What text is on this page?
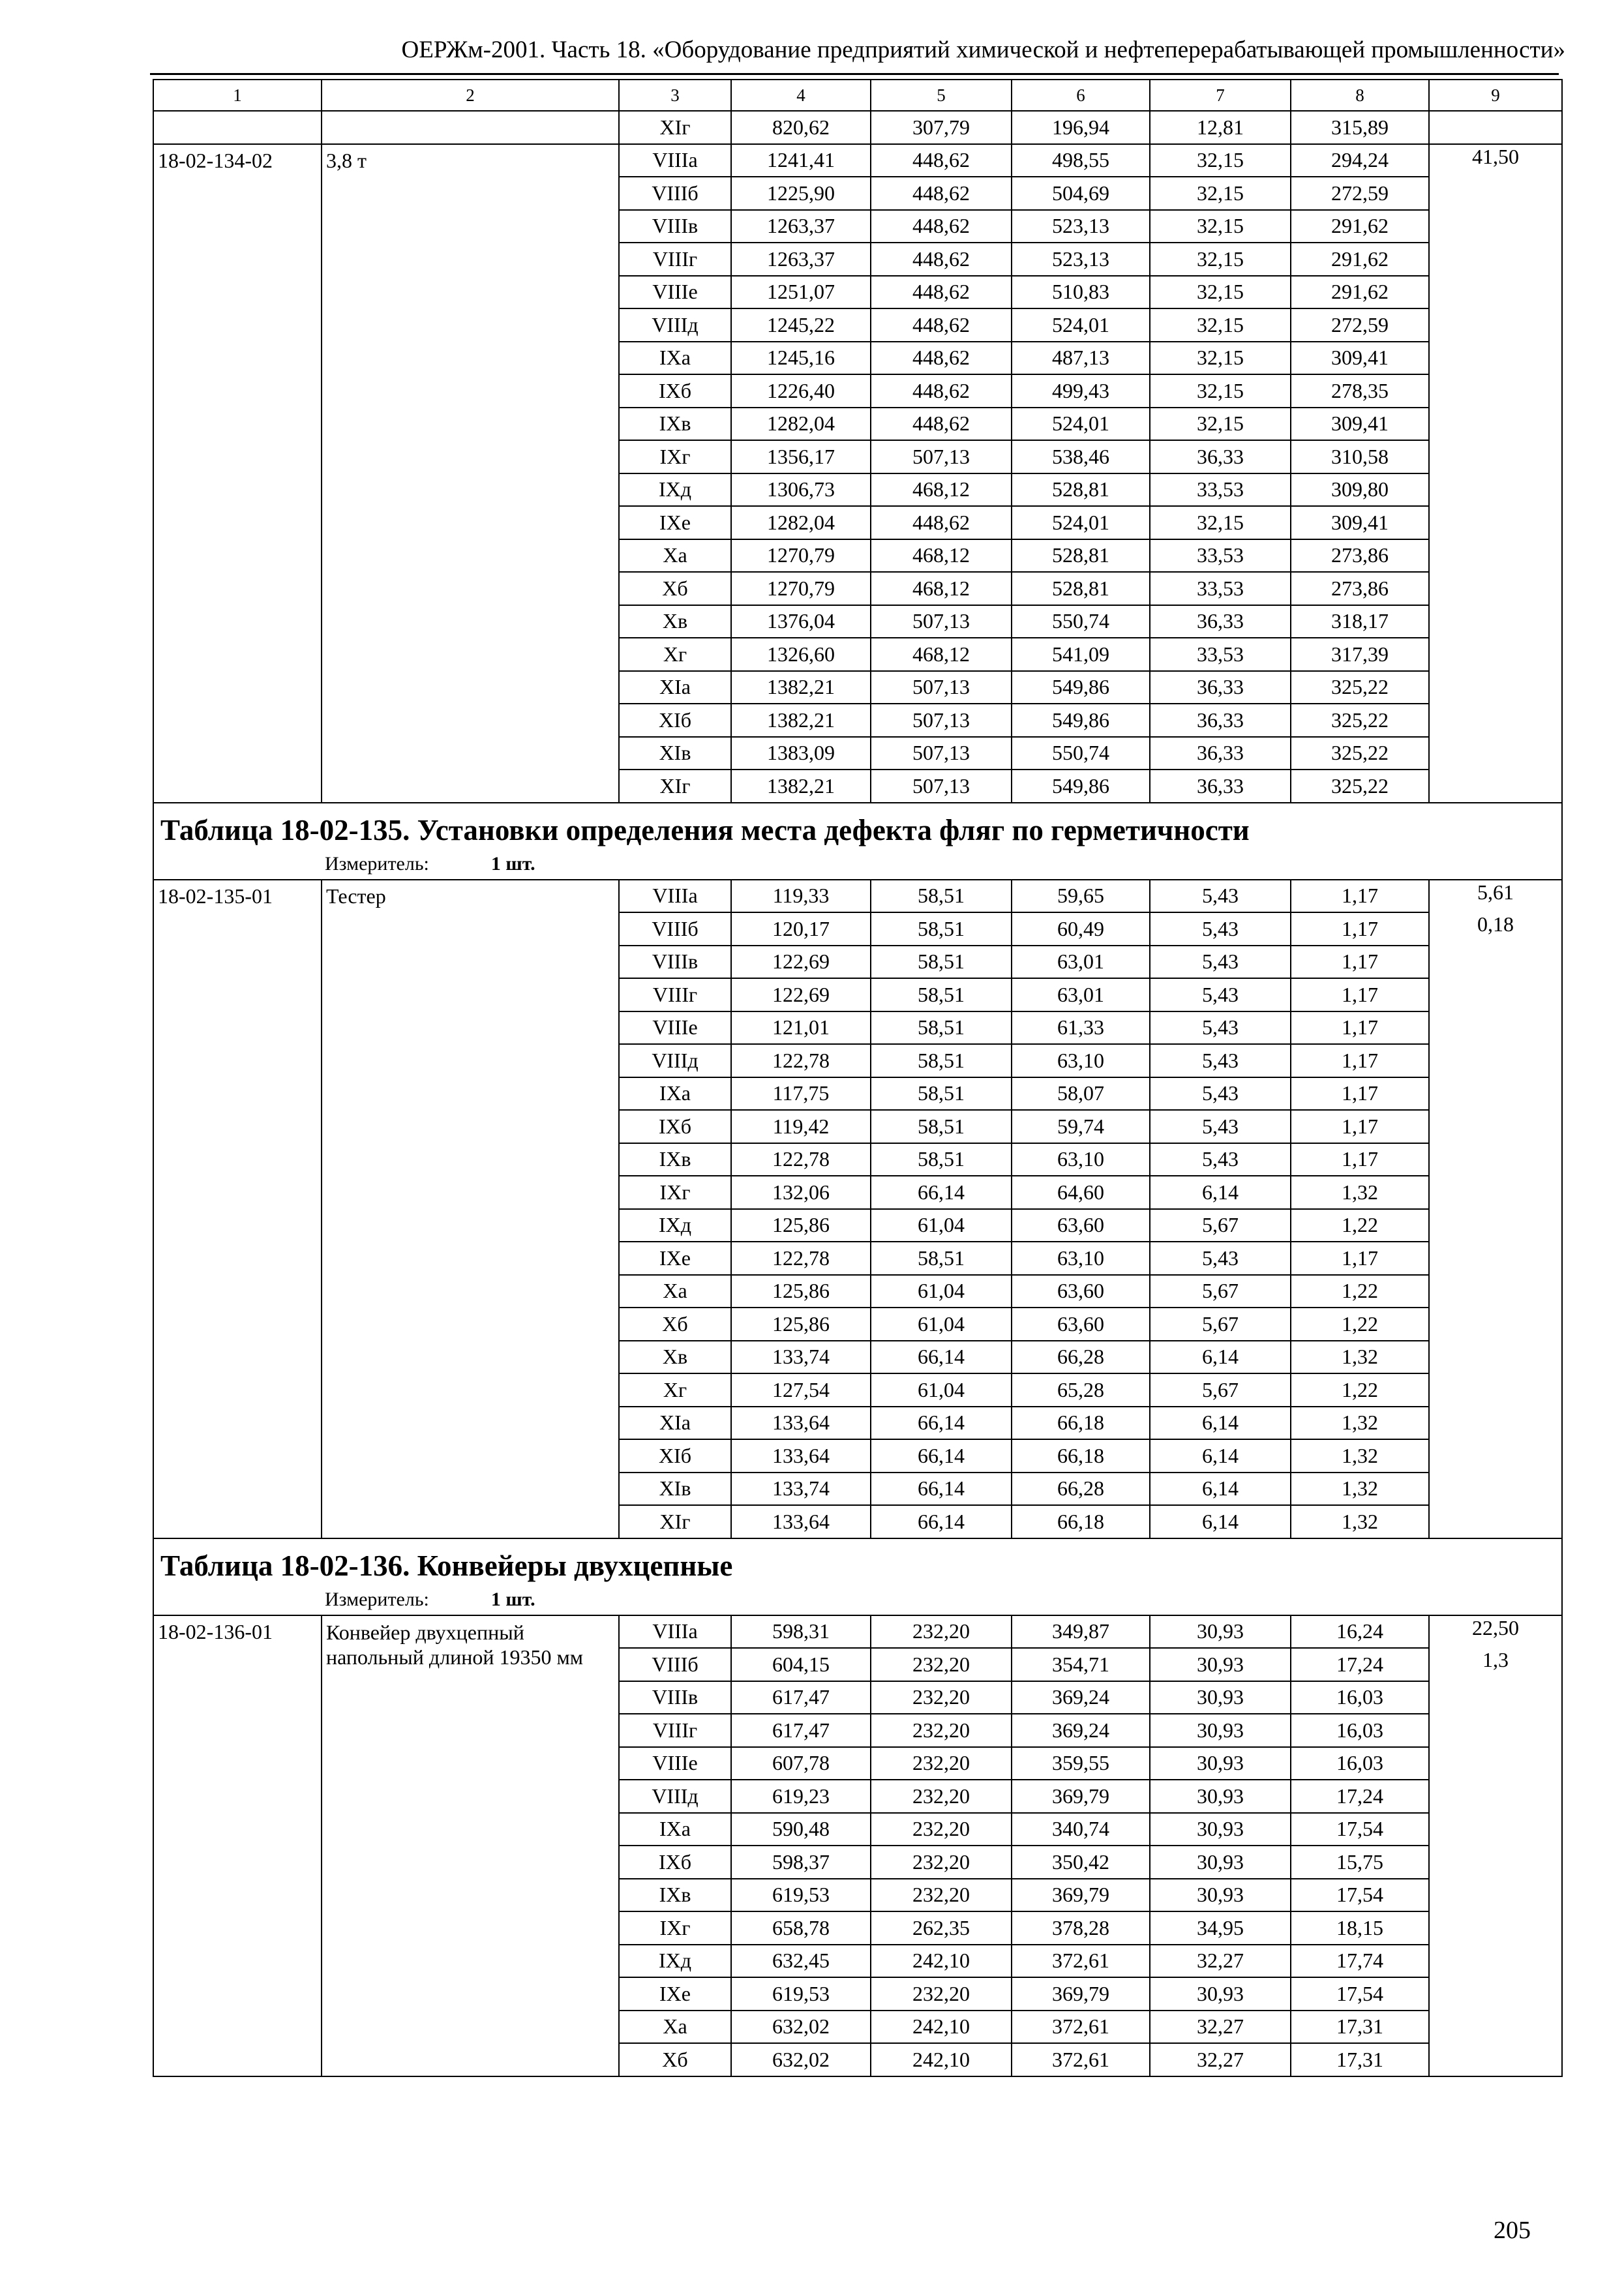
ОЕРЖм-2001. Часть 18. «Оборудование предприятий химической и нефтеперерабатывающей промышленности»
1	2	3	4	5	6	7	8	9
		XIг	820,62	307,79	196,94	12,81	315,89	
18-02-134-02	3,8 т	VIIIа	1241,41	448,62	498,55	32,15	294,24	41,50
		VIIIб	1225,90	448,62	504,69	32,15	272,59	
		VIIIв	1263,37	448,62	523,13	32,15	291,62	
		VIIIг	1263,37	448,62	523,13	32,15	291,62	
		VIIIе	1251,07	448,62	510,83	32,15	291,62	
		VIIIд	1245,22	448,62	524,01	32,15	272,59	
		IXа	1245,16	448,62	487,13	32,15	309,41	
		IXб	1226,40	448,62	499,43	32,15	278,35	
		IXв	1282,04	448,62	524,01	32,15	309,41	
		IXг	1356,17	507,13	538,46	36,33	310,58	
		IXд	1306,73	468,12	528,81	33,53	309,80	
		IXе	1282,04	448,62	524,01	32,15	309,41	
		Xа	1270,79	468,12	528,81	33,53	273,86	
		Xб	1270,79	468,12	528,81	33,53	273,86	
		Xв	1376,04	507,13	550,74	36,33	318,17	
		Xг	1326,60	468,12	541,09	33,53	317,39	
		XIа	1382,21	507,13	549,86	36,33	325,22	
		XIб	1382,21	507,13	549,86	36,33	325,22	
		XIв	1383,09	507,13	550,74	36,33	325,22	
		XIг	1382,21	507,13	549,86	36,33	325,22	
Таблица 18-02-135. Установки определения места дефекта фляг по герметичности								
Измеритель: 1 шт.								
18-02-135-01	Тестер	VIIIа	119,33	58,51	59,65	5,43	1,17	5,61
		VIIIб	120,17	58,51	60,49	5,43	1,17	0,18
		VIIIв	122,69	58,51	63,01	5,43	1,17	
		VIIIг	122,69	58,51	63,01	5,43	1,17	
		VIIIе	121,01	58,51	61,33	5,43	1,17	
		VIIIд	122,78	58,51	63,10	5,43	1,17	
		IXа	117,75	58,51	58,07	5,43	1,17	
		IXб	119,42	58,51	59,74	5,43	1,17	
		IXв	122,78	58,51	63,10	5,43	1,17	
		IXг	132,06	66,14	64,60	6,14	1,32	
		IXд	125,86	61,04	63,60	5,67	1,22	
		IXе	122,78	58,51	63,10	5,43	1,17	
		Xа	125,86	61,04	63,60	5,67	1,22	
		Xб	125,86	61,04	63,60	5,67	1,22	
		Xв	133,74	66,14	66,28	6,14	1,32	
		Xг	127,54	61,04	65,28	5,67	1,22	
		XIа	133,64	66,14	66,18	6,14	1,32	
		XIб	133,64	66,14	66,18	6,14	1,32	
		XIв	133,74	66,14	66,28	6,14	1,32	
		XIг	133,64	66,14	66,18	6,14	1,32	
Таблица 18-02-136. Конвейеры двухцепные								
Измеритель: 1 шт.								
18-02-136-01	Конвейер двухцепный напольный длиной 19350 мм	VIIIа	598,31	232,20	349,87	30,93	16,24	22,50
		VIIIб	604,15	232,20	354,71	30,93	17,24	1,3
		VIIIв	617,47	232,20	369,24	30,93	16,03	
		VIIIг	617,47	232,20	369,24	30,93	16,03	
		VIIIе	607,78	232,20	359,55	30,93	16,03	
		VIIIд	619,23	232,20	369,79	30,93	17,24	
		IXа	590,48	232,20	340,74	30,93	17,54	
		IXб	598,37	232,20	350,42	30,93	15,75	
		IXв	619,53	232,20	369,79	30,93	17,54	
		IXг	658,78	262,35	378,28	34,95	18,15	
		IXд	632,45	242,10	372,61	32,27	17,74	
		IXе	619,53	232,20	369,79	30,93	17,54	
		Xа	632,02	242,10	372,61	32,27	17,31	
		Xб	632,02	242,10	372,61	32,27	17,31	
205
